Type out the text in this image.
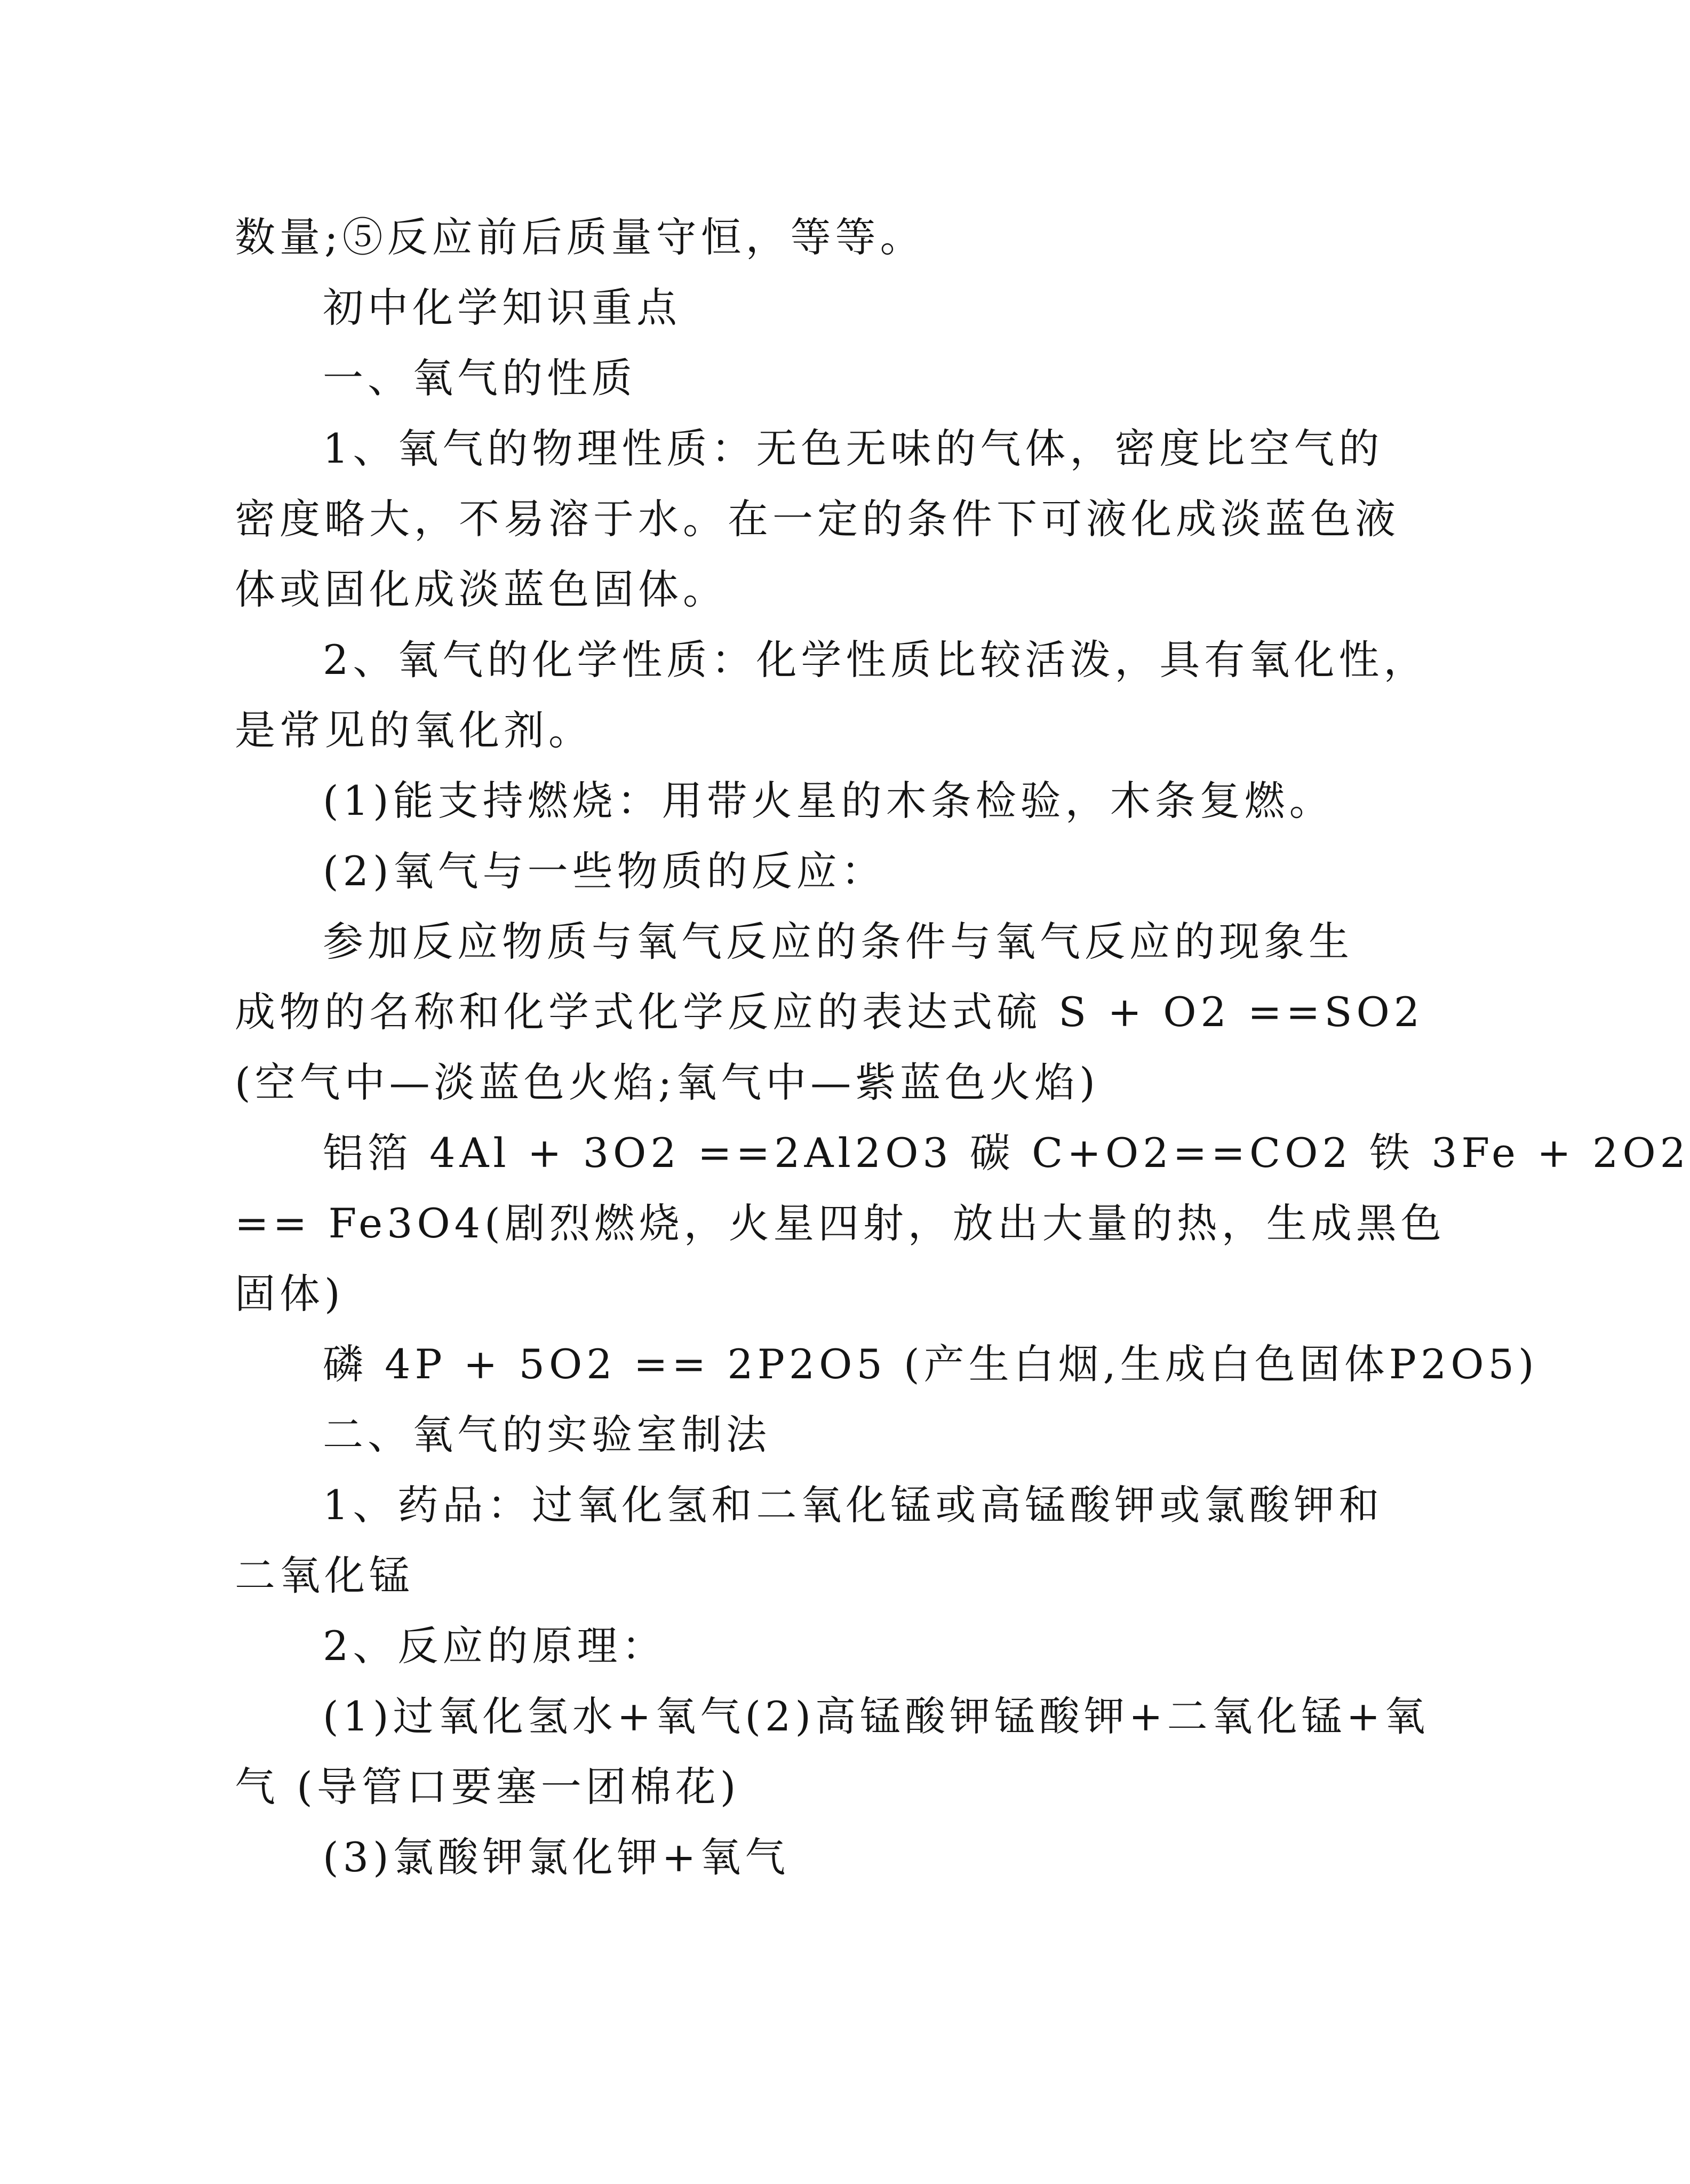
数量;⑤反应前后质量守恒，等等。
初中化学知识重点
一、氧气的性质
1、氧气的物理性质：无色无味的气体，密度比空气的
密度略大，不易溶于水。在一定的条件下可液化成淡蓝色液
体或固化成淡蓝色固体。
2、氧气的化学性质：化学性质比较活泼，具有氧化性，
是常见的氧化剂。
(1)能支持燃烧：用带火星的木条检验，木条复燃。
(2)氧气与一些物质的反应：
参加反应物质与氧气反应的条件与氧气反应的现象生
成物的名称和化学式化学反应的表达式硫 S + O2 ==SO2
(空气中—淡蓝色火焰;氧气中—紫蓝色火焰)
铝箔 4Al + 3O2 ==2Al2O3 碳 C+O2==CO2 铁 3Fe + 2O2
== Fe3O4(剧烈燃烧，火星四射，放出大量的热，生成黑色
固体)
磷 4P + 5O2 == 2P2O5 (产生白烟,生成白色固体P2O5)
二、氧气的实验室制法
1、药品：过氧化氢和二氧化锰或高锰酸钾或氯酸钾和
二氧化锰
2、反应的原理：
(1)过氧化氢水+氧气(2)高锰酸钾锰酸钾+二氧化锰+氧
气 (导管口要塞一团棉花)
(3)氯酸钾氯化钾+氧气
